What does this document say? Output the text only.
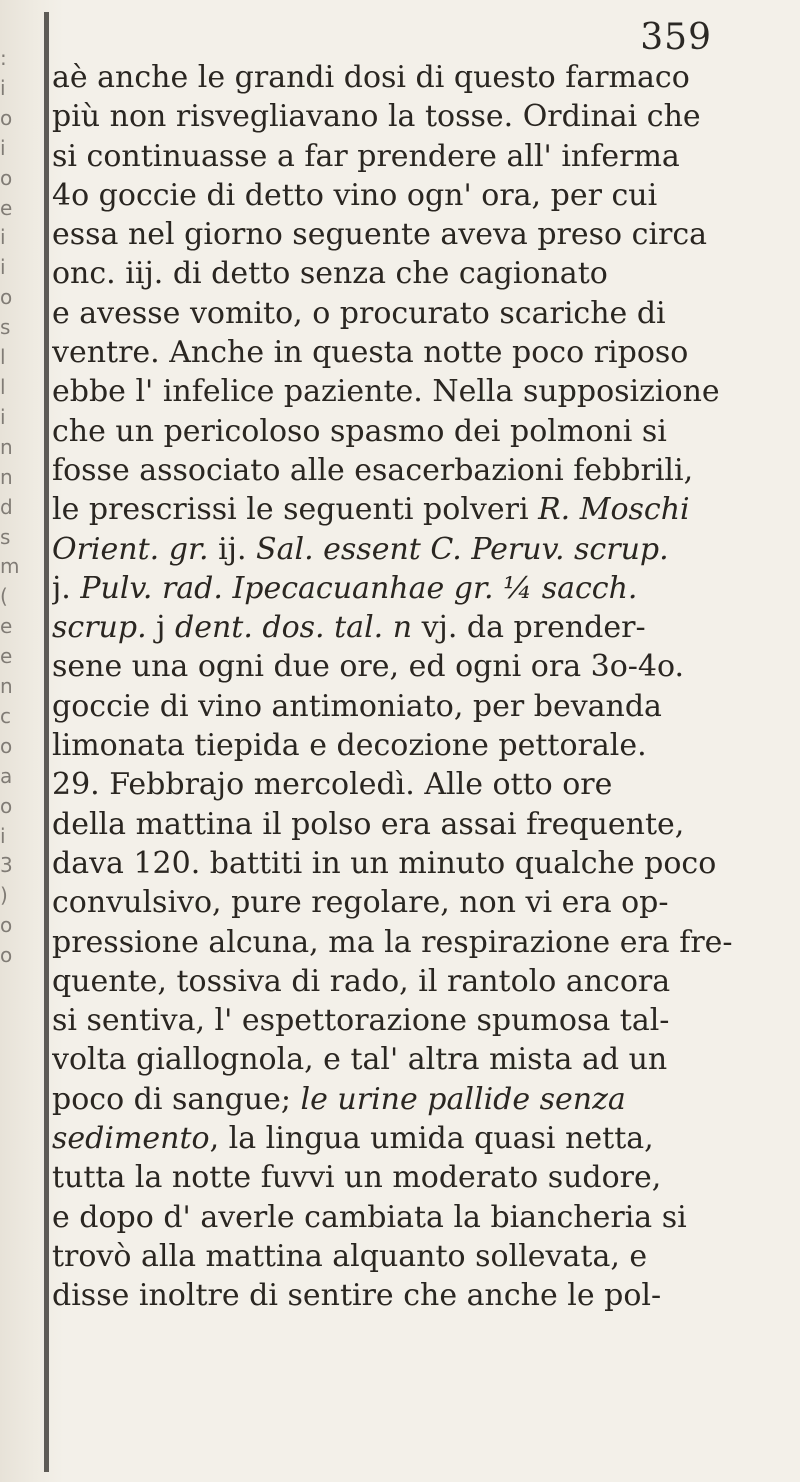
:
i
o
i
o
e
i
i
o
s
l
l
i
n
n
d
s
m
(
e
e
n
c
o
a
o
i
3
)
o
o
359
aè anche le grandi dosi di questo farmaco
più non risvegliavano la tosse. Ordinai che
si continuasse a far prendere all' inferma
4o goccie di detto vino ogn' ora, per cui
essa nel giorno seguente aveva preso circa
onc. iij. di detto senza che cagionato
e avesse vomito, o procurato scariche di
ventre. Anche in questa notte poco riposo
ebbe l' infelice paziente. Nella supposizione
che un pericoloso spasmo dei polmoni si
fosse associato alle esacerbazioni febbrili,
le prescrissi le seguenti polveri R. Moschi
Orient. gr. ij. Sal. essent C. Peruv. scrup.
j. Pulv. rad. Ipecacuanhae gr. ¼ sacch.
scrup. j dent. dos. tal. n vj. da prender-
sene una ogni due ore, ed ogni ora 3o-4o.
goccie di vino antimoniato, per bevanda
limonata tiepida e decozione pettorale.
29. Febbrajo mercoledì. Alle otto ore
della mattina il polso era assai frequente,
dava 120. battiti in un minuto qualche poco
convulsivo, pure regolare, non vi era op-
pressione alcuna, ma la respirazione era fre-
quente, tossiva di rado, il rantolo ancora
si sentiva, l' espettorazione spumosa tal-
volta giallognola, e tal' altra mista ad un
poco di sangue; le urine pallide senza
sedimento, la lingua umida quasi netta,
tutta la notte fuvvi un moderato sudore,
e dopo d' averle cambiata la biancheria si
trovò alla mattina alquanto sollevata, e
disse inoltre di sentire che anche le pol-
